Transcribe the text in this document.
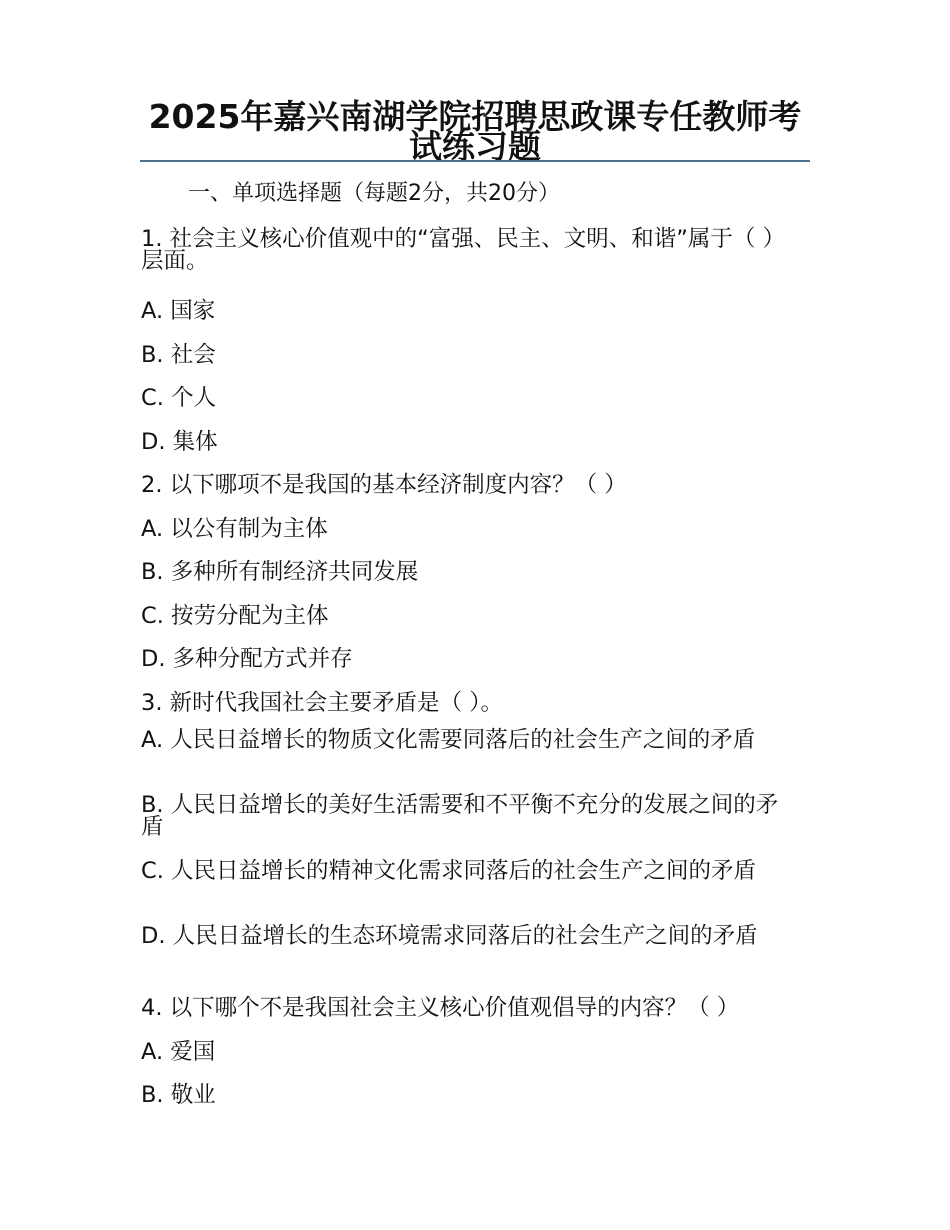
2025年嘉兴南湖学院招聘思政课专任教师考试练习题
一、单项选择题（每题2分，共20分）
1. 社会主义核心价值观中的“富强、民主、文明、和谐”属于（ ）层面。
A. 国家
B. 社会
C. 个人
D. 集体
2. 以下哪项不是我国的基本经济制度内容？（ ）
A. 以公有制为主体
B. 多种所有制经济共同发展
C. 按劳分配为主体
D. 多种分配方式并存
3. 新时代我国社会主要矛盾是（ ）。
A. 人民日益增长的物质文化需要同落后的社会生产之间的矛盾
B. 人民日益增长的美好生活需要和不平衡不充分的发展之间的矛盾
C. 人民日益增长的精神文化需求同落后的社会生产之间的矛盾
D. 人民日益增长的生态环境需求同落后的社会生产之间的矛盾
4. 以下哪个不是我国社会主义核心价值观倡导的内容？（ ）
A. 爱国
B. 敬业
